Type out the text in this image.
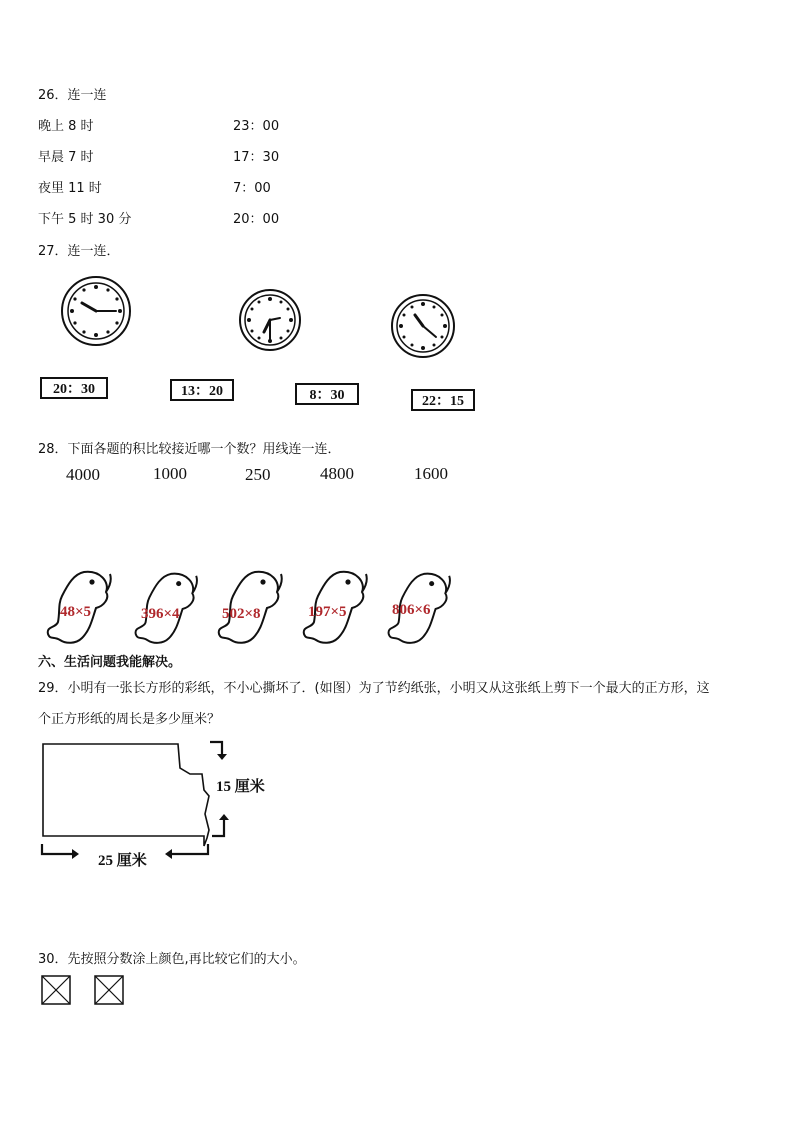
26．连一连
晚上 8 时
早晨 7 时
夜里 11 时
下午 5 时 30 分
23：00
17：30
7：00
20：00
27．连一连．
20：30	13：20	8：30	22：15
28．下面各题的积比较接近哪一个数？用线连一连．
4000	1000	250	4800	1600
48×5	396×4	502×8	197×5	806×6
六、生活问题我能解决。
29．小明有一张长方形的彩纸，不小心撕坏了．(如图）为了节约纸张，小明又从这张纸上剪下一个最大的正方形，这
个正方形纸的周长是多少厘米？
15 厘米
25 厘米
30．先按照分数涂上颜色,再比较它们的大小。
